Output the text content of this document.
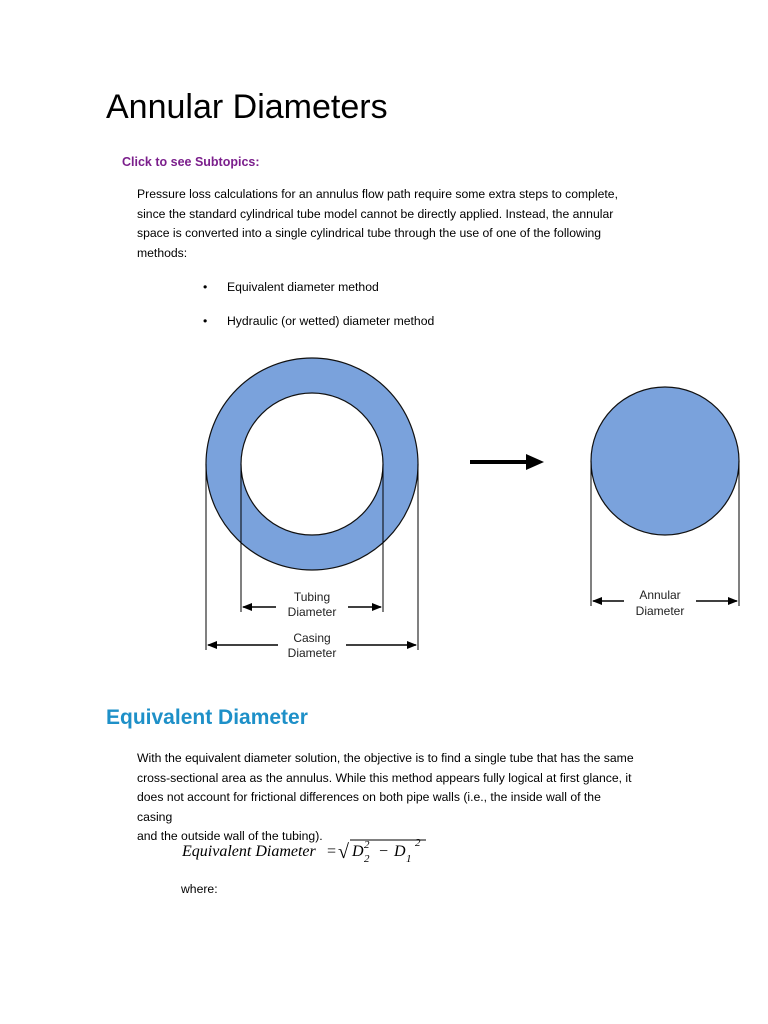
Annular Diameters
Click to see Subtopics:

Pressure loss calculations for an annulus flow path require some extra steps to complete,
since the standard cylindrical tube model cannot be directly applied. Instead, the annular
space is converted into a single cylindrical tube through the use of one of the following
methods:

• Equivalent diameter method
• Hydraulic (or wetted) diameter method
Tubing
Diameter
Casing
Diameter
Annular
Diameter
Equivalent Diameter

With the equivalent diameter solution, the objective is to find a single tube that has the same
cross-sectional area as the annulus. While this method appears fully logical at first glance, it
does not account for frictional differences on both pipe walls (i.e., the inside wall of the casing
and the outside wall of the tubing).

Equivalent Diameter = √ D 2
2 − D 2
1
where:
